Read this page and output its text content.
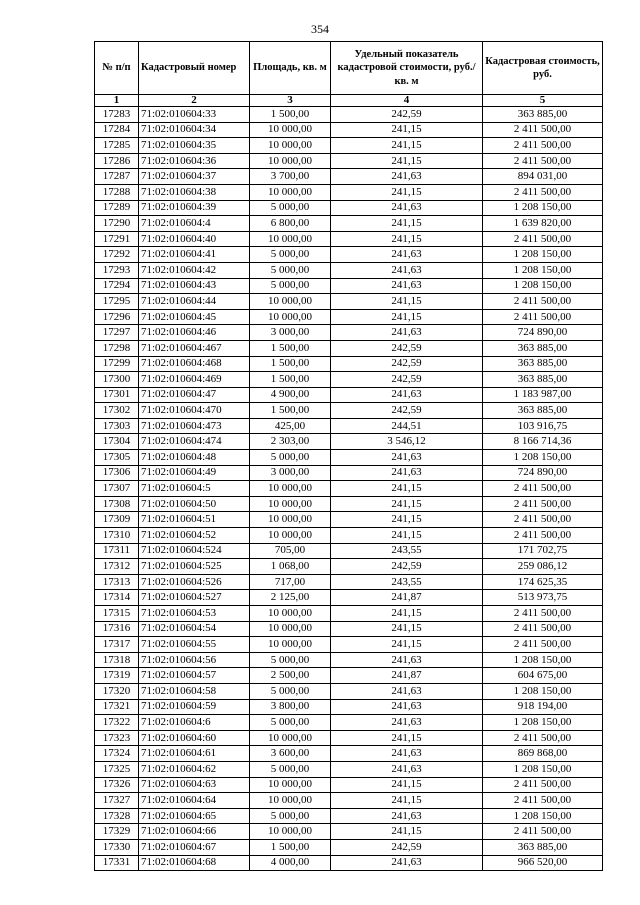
354
№ п/п	Кадастровый номер	Площадь, кв. м	Удельный показатель кадастровой стоимости, руб./кв. м	Кадастровая стоимость, руб.
1	2	3	4	5
17283	71:02:010604:33	1 500,00	242,59	363 885,00
17284	71:02:010604:34	10 000,00	241,15	2 411 500,00
17285	71:02:010604:35	10 000,00	241,15	2 411 500,00
17286	71:02:010604:36	10 000,00	241,15	2 411 500,00
17287	71:02:010604:37	3 700,00	241,63	894 031,00
17288	71:02:010604:38	10 000,00	241,15	2 411 500,00
17289	71:02:010604:39	5 000,00	241,63	1 208 150,00
17290	71:02:010604:4	6 800,00	241,15	1 639 820,00
17291	71:02:010604:40	10 000,00	241,15	2 411 500,00
17292	71:02:010604:41	5 000,00	241,63	1 208 150,00
17293	71:02:010604:42	5 000,00	241,63	1 208 150,00
17294	71:02:010604:43	5 000,00	241,63	1 208 150,00
17295	71:02:010604:44	10 000,00	241,15	2 411 500,00
17296	71:02:010604:45	10 000,00	241,15	2 411 500,00
17297	71:02:010604:46	3 000,00	241,63	724 890,00
17298	71:02:010604:467	1 500,00	242,59	363 885,00
17299	71:02:010604:468	1 500,00	242,59	363 885,00
17300	71:02:010604:469	1 500,00	242,59	363 885,00
17301	71:02:010604:47	4 900,00	241,63	1 183 987,00
17302	71:02:010604:470	1 500,00	242,59	363 885,00
17303	71:02:010604:473	425,00	244,51	103 916,75
17304	71:02:010604:474	2 303,00	3 546,12	8 166 714,36
17305	71:02:010604:48	5 000,00	241,63	1 208 150,00
17306	71:02:010604:49	3 000,00	241,63	724 890,00
17307	71:02:010604:5	10 000,00	241,15	2 411 500,00
17308	71:02:010604:50	10 000,00	241,15	2 411 500,00
17309	71:02:010604:51	10 000,00	241,15	2 411 500,00
17310	71:02:010604:52	10 000,00	241,15	2 411 500,00
17311	71:02:010604:524	705,00	243,55	171 702,75
17312	71:02:010604:525	1 068,00	242,59	259 086,12
17313	71:02:010604:526	717,00	243,55	174 625,35
17314	71:02:010604:527	2 125,00	241,87	513 973,75
17315	71:02:010604:53	10 000,00	241,15	2 411 500,00
17316	71:02:010604:54	10 000,00	241,15	2 411 500,00
17317	71:02:010604:55	10 000,00	241,15	2 411 500,00
17318	71:02:010604:56	5 000,00	241,63	1 208 150,00
17319	71:02:010604:57	2 500,00	241,87	604 675,00
17320	71:02:010604:58	5 000,00	241,63	1 208 150,00
17321	71:02:010604:59	3 800,00	241,63	918 194,00
17322	71:02:010604:6	5 000,00	241,63	1 208 150,00
17323	71:02:010604:60	10 000,00	241,15	2 411 500,00
17324	71:02:010604:61	3 600,00	241,63	869 868,00
17325	71:02:010604:62	5 000,00	241,63	1 208 150,00
17326	71:02:010604:63	10 000,00	241,15	2 411 500,00
17327	71:02:010604:64	10 000,00	241,15	2 411 500,00
17328	71:02:010604:65	5 000,00	241,63	1 208 150,00
17329	71:02:010604:66	10 000,00	241,15	2 411 500,00
17330	71:02:010604:67	1 500,00	242,59	363 885,00
17331	71:02:010604:68	4 000,00	241,63	966 520,00
